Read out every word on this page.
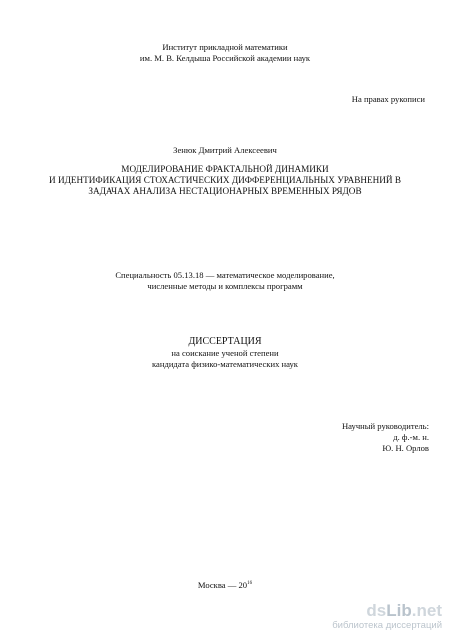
Институт прикладной математики
им. М. В. Келдыша Российской академии наук
На правах рукописи
Зенюк Дмитрий Алексеевич
МОДЕЛИРОВАНИЕ ФРАКТАЛЬНОЙ ДИНАМИКИ
И ИДЕНТИФИКАЦИЯ СТОХАСТИЧЕСКИХ ДИФФЕРЕНЦИАЛЬНЫХ УРАВНЕНИЙ В
ЗАДАЧАХ АНАЛИЗА НЕСТАЦИОНАРНЫХ ВРЕМЕННЫХ РЯДОВ
Специальность 05.13.18 — математическое моделирование,
численные методы и комплексы программ
ДИССЕРТАЦИЯ
на соискание ученой степени
кандидата физико-математических наук
Научный руководитель:
д. ф.-м. н.
Ю. Н. Орлов
Москва — $20^{16}$
dsLib.net
библиотека диссертаций
